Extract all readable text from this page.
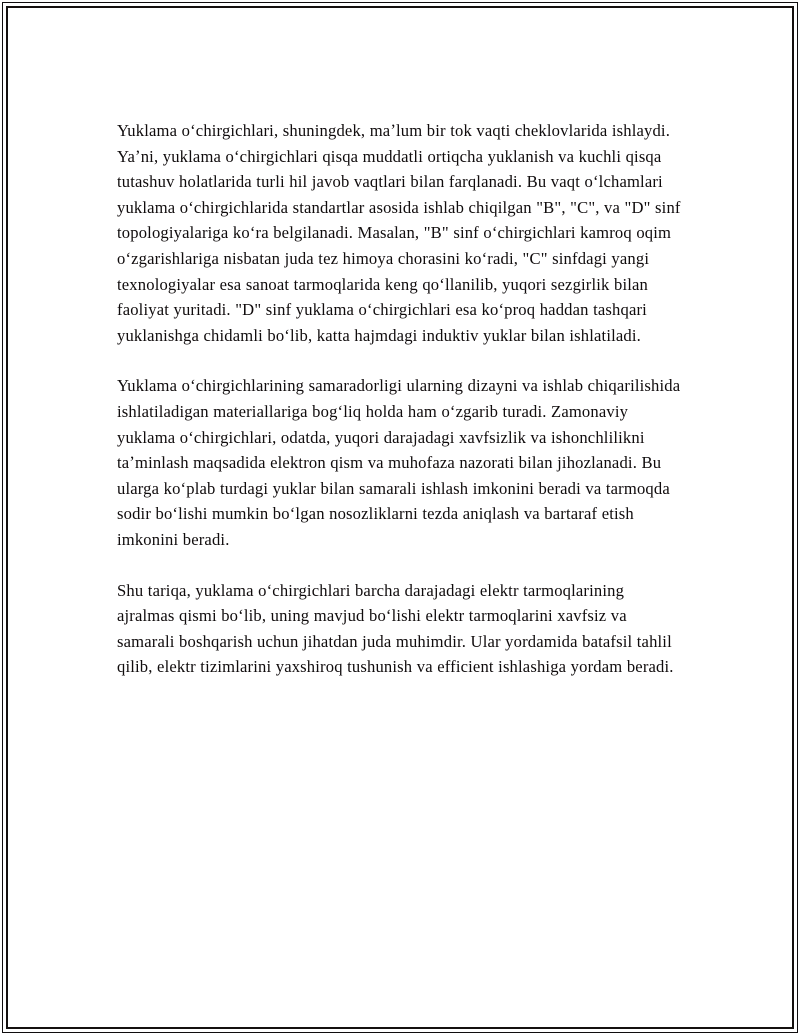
Yuklama oʻchirgichlari, shuningdek, maʼlum bir tok vaqti cheklovlarida ishlaydi. Yaʼni, yuklama oʻchirgichlari qisqa muddatli ortiqcha yuklanish va kuchli qisqa tutashuv holatlarida turli hil javob vaqtlari bilan farqlanadi. Bu vaqt oʻlchamlari yuklama oʻchirgichlarida standartlar asosida ishlab chiqilgan "B", "C", va "D" sinf topologiyalariga koʻra belgilanadi. Masalan, "B" sinf oʻchirgichlari kamroq oqim oʻzgarishlariga nisbatan juda tez himoya chorasini koʻradi, "C" sinfdagi yangi texnologiyalar esa sanoat tarmoqlarida keng qoʻllanilib, yuqori sezgirlik bilan faoliyat yuritadi. "D" sinf yuklama oʻchirgichlari esa koʻproq haddan tashqari yuklanishga chidamli boʻlib, katta hajmdagi induktiv yuklar bilan ishlatiladi.

Yuklama oʻchirgichlarining samaradorligi ularning dizayni va ishlab chiqarilishida ishlatiladigan materiallariga bogʻliq holda ham oʻzgarib turadi. Zamonaviy yuklama oʻchirgichlari, odatda, yuqori darajadagi xavfsizlik va ishonchlilikni taʼminlash maqsadida elektron qism va muhofaza nazorati bilan jihozlanadi. Bu ularga koʻplab turdagi yuklar bilan samarali ishlash imkonini beradi va tarmoqda sodir boʻlishi mumkin boʻlgan nosozliklarni tezda aniqlash va bartaraf etish imkonini beradi.

Shu tariqa, yuklama oʻchirgichlari barcha darajadagi elektr tarmoqlarining ajralmas qismi boʻlib, uning mavjud boʻlishi elektr tarmoqlarini xavfsiz va samarali boshqarish uchun jihatdan juda muhimdir. Ular yordamida batafsil tahlil qilib, elektr tizimlarini yaxshiroq tushunish va efficient ishlashiga yordam beradi.
